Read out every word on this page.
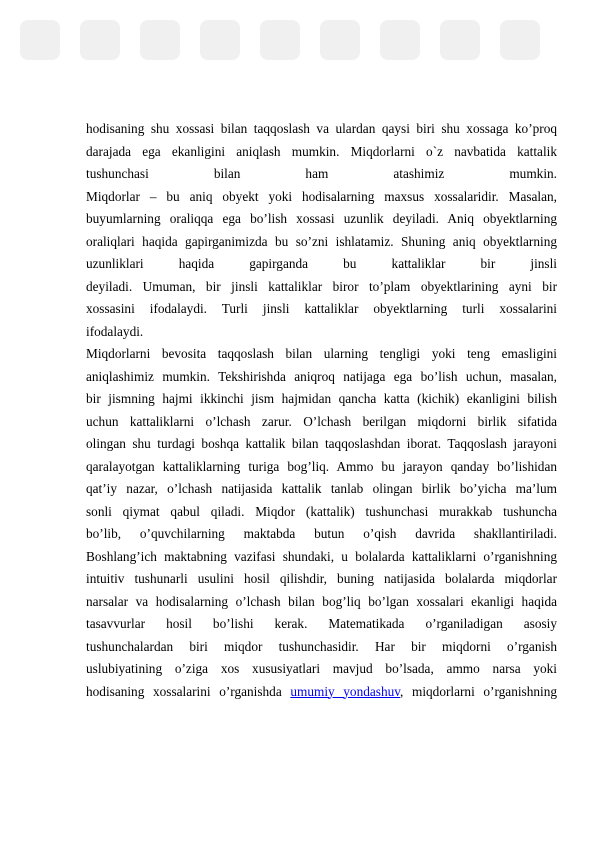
hodisaning shu xossasi bilan taqqoslash va ulardan qaysi biri shu xossaga ko’proq
darajada ega ekanligini aniqlash mumkin. Miqdorlarni o`z navbatida kattalik
tushunchasi bilan ham atashimiz mumkin.
Miqdorlar – bu aniq obyekt yoki hodisalarning maxsus xossalaridir. Masalan,
buyumlarning oraliqqa ega bo’lish xossasi uzunlik deyiladi. Aniq obyektlarning
oraliqlari haqida gapirganimizda bu so’zni ishlatamiz. Shuning aniq obyektlarning
uzunliklari haqida gapirganda bu kattaliklar bir jinsli
deyiladi. Umuman, bir jinsli kattaliklar biror to’plam obyektlarining ayni bir
xossasini ifodalaydi. Turli jinsli kattaliklar obyektlarning turli xossalarini
ifodalaydi.
Miqdorlarni bevosita taqqoslash bilan ularning tengligi yoki teng emasligini
aniqlashimiz mumkin. Tekshirishda aniqroq natijaga ega bo’lish uchun, masalan,
bir jismning hajmi ikkinchi jism hajmidan qancha katta (kichik) ekanligini bilish
uchun kattaliklarni o’lchash zarur. O’lchash berilgan miqdorni birlik sifatida
olingan shu turdagi boshqa kattalik bilan taqqoslashdan iborat. Taqqoslash jarayoni
qaralayotgan kattaliklarning turiga bog’liq. Ammo bu jarayon qanday bo’lishidan
qat’iy nazar, o’lchash natijasida kattalik tanlab olingan birlik bo’yicha ma’lum
sonli qiymat qabul qiladi. Miqdor (kattalik) tushunchasi murakkab tushuncha
bo’lib, o’quvchilarning maktabda butun o’qish davrida shakllantiriladi.
Boshlang’ich maktabning vazifasi shundaki, u bolalarda kattaliklarni o’rganishning
intuitiv tushunarli usulini hosil qilishdir, buning natijasida bolalarda miqdorlar
narsalar va hodisalarning o’lchash bilan bog’liq bo’lgan xossalari ekanligi haqida
tasavvurlar hosil bo’lishi kerak. Matematikada o’rganiladigan asosiy
tushunchalardan biri miqdor tushunchasidir. Har bir miqdorni o’rganish
uslubiyatining o’ziga xos xususiyatlari mavjud bo’lsada, ammo narsa yoki
hodisaning xossalarini o’rganishda umumiy yondashuv, miqdorlarni o’rganishning
